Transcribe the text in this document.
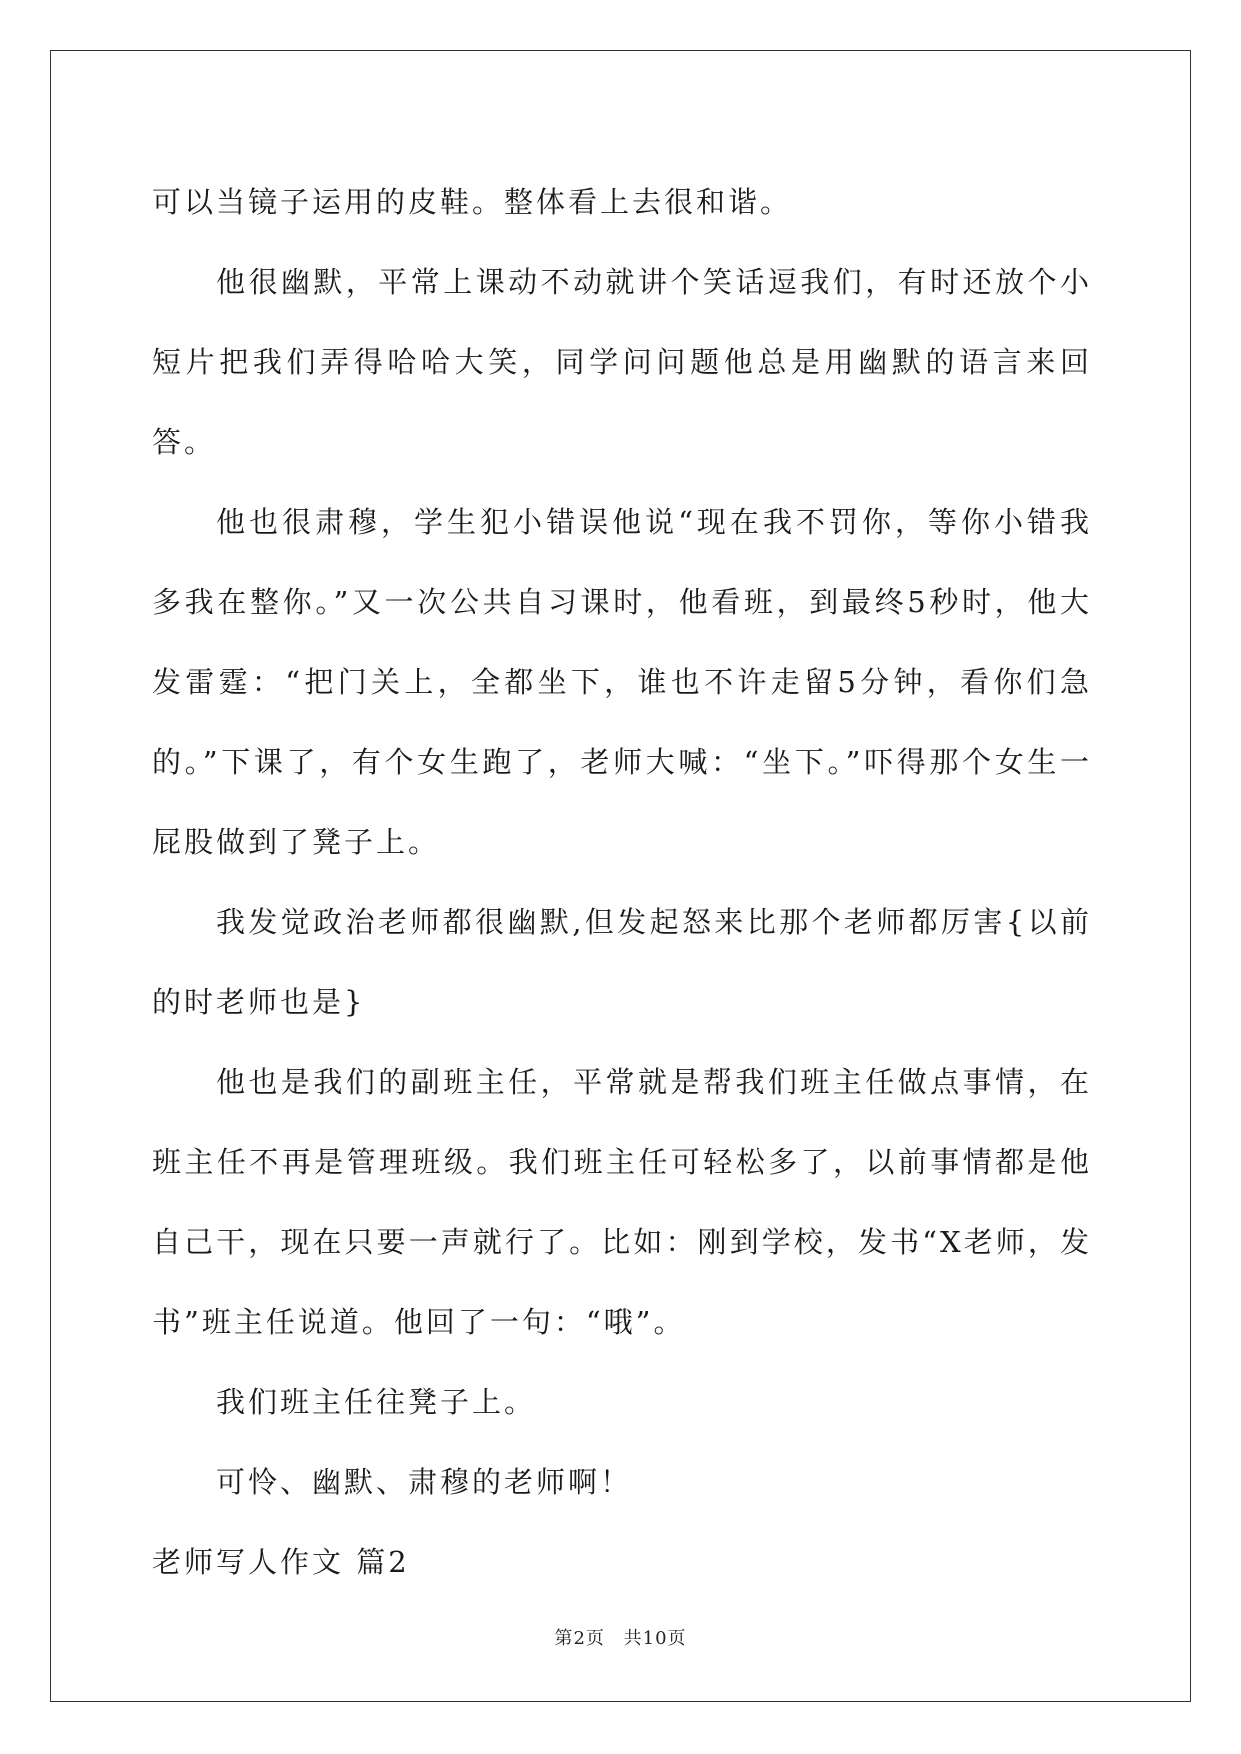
可以当镜子运用的皮鞋。整体看上去很和谐。

他很幽默，平常上课动不动就讲个笑话逗我们，有时还放个小短片把我们弄得哈哈大笑，同学问问题他总是用幽默的语言来回答。

他也很肃穆，学生犯小错误他说“现在我不罚你，等你小错我多我在整你。”又一次公共自习课时，他看班，到最终5秒时，他大发雷霆：“把门关上，全都坐下，谁也不许走留5分钟，看你们急的。”下课了，有个女生跑了，老师大喊：“坐下。”吓得那个女生一屁股做到了凳子上。

我发觉政治老师都很幽默,但发起怒来比那个老师都厉害{以前的时老师也是}

他也是我们的副班主任，平常就是帮我们班主任做点事情，在班主任不再是管理班级。我们班主任可轻松多了，以前事情都是他自己干，现在只要一声就行了。比如：刚到学校，发书“X老师，发书”班主任说道。他回了一句：“哦”。

我们班主任往凳子上。

可怜、幽默、肃穆的老师啊！

老师写人作文 篇2

第2页 共10页
